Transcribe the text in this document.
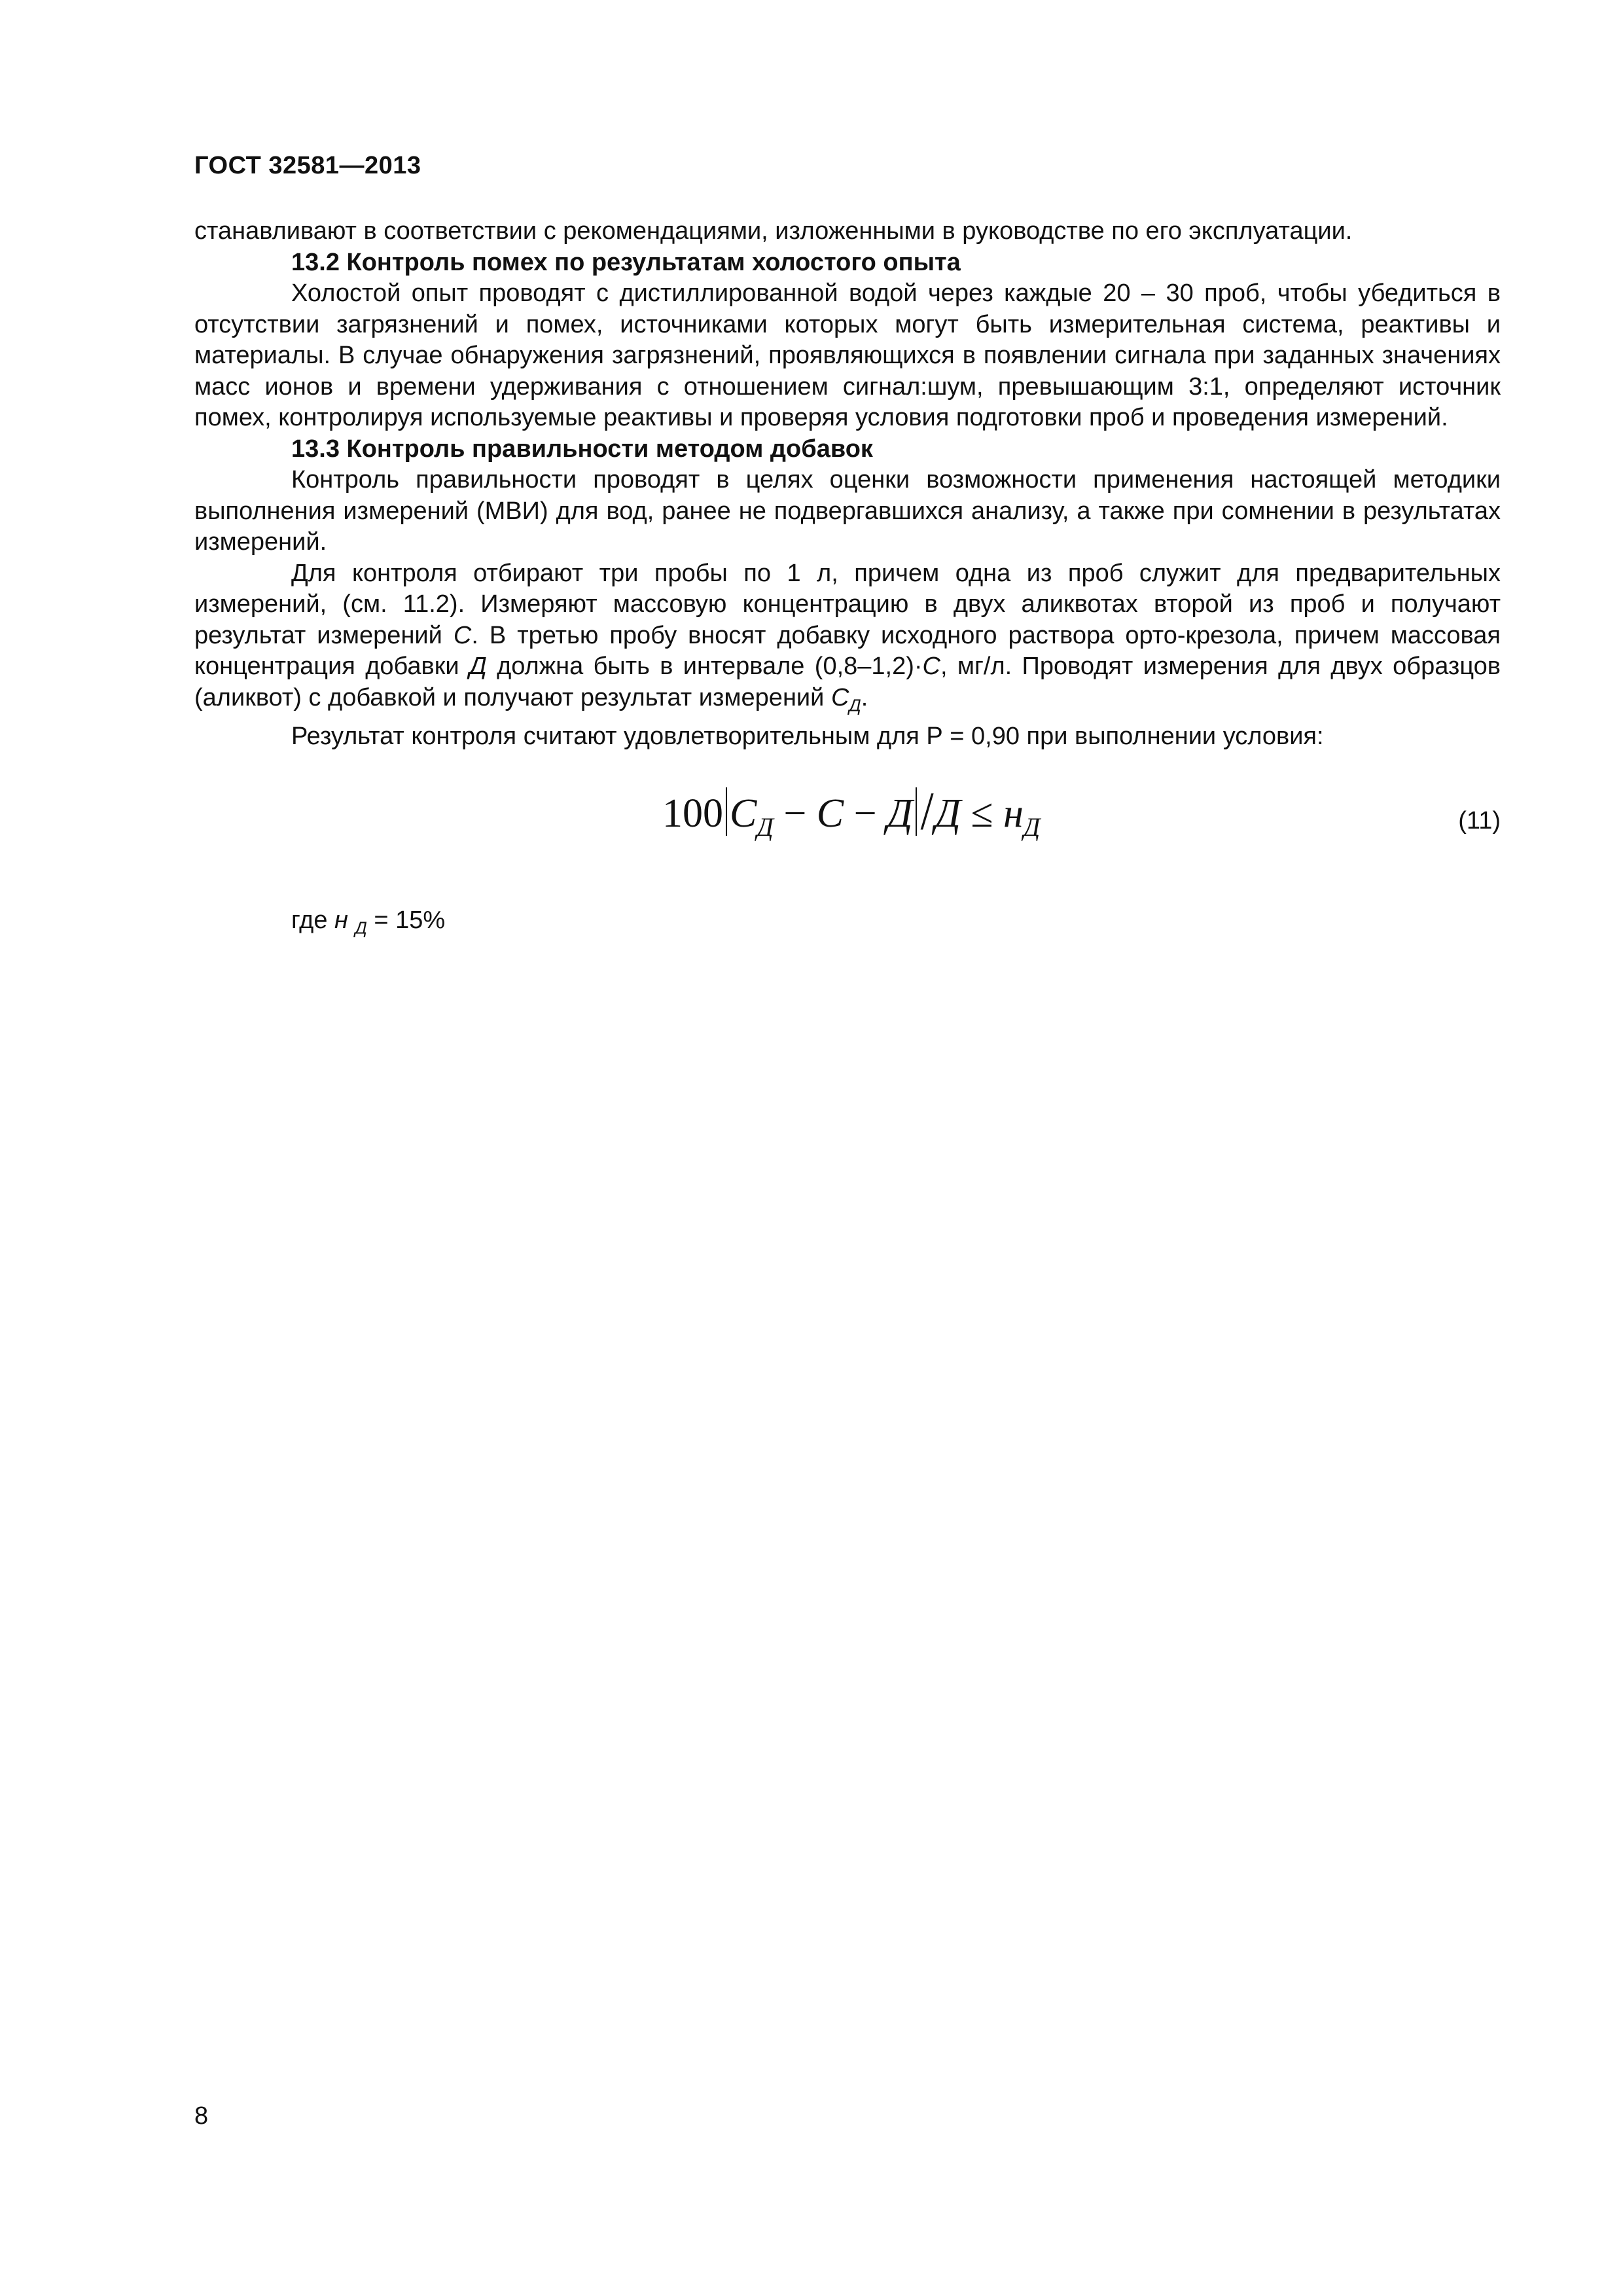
ГОСТ 32581—2013

станавливают в соответствии с рекомендациями, изложенными в руководстве по его эксплуатации.

13.2 Контроль помех по результатам холостого опыта

Холостой опыт проводят с дистиллированной водой через каждые 20 – 30 проб, чтобы убедиться в отсутствии загрязнений и помех, источниками которых могут быть измерительная система, реактивы и материалы. В случае обнаружения загрязнений, проявляющихся в появлении сигнала при заданных значениях масс ионов и времени удерживания с отношением сигнал:шум, превышающим 3:1, определяют источник помех, контролируя используемые реактивы и проверяя условия подготовки проб и проведения измерений.

13.3 Контроль правильности методом добавок

Контроль правильности проводят в целях оценки возможности применения настоящей методики выполнения измерений (МВИ) для вод, ранее не подвергавшихся анализу, а также при сомнении в результатах измерений.

Для контроля отбирают три пробы по 1 л, причем одна из проб служит для предварительных измерений, (см. 11.2). Измеряют массовую концентрацию в двух аликвотах второй из проб и получают результат измерений С. В третью пробу вносят добавку исходного раствора орто-крезола, причем массовая концентрация добавки Д должна быть в интервале (0,8–1,2)·С, мг/л. Проводят измерения для двух образцов (аликвот) с добавкой и получают результат измерений $С_Д$.

Результат контроля считают удовлетворительным для Р = 0,90 при выполнении условия:

100 $С_Д - С - Д$ $/Д \le н_Д$	(11)
где н $_Д$ = 15%
8
